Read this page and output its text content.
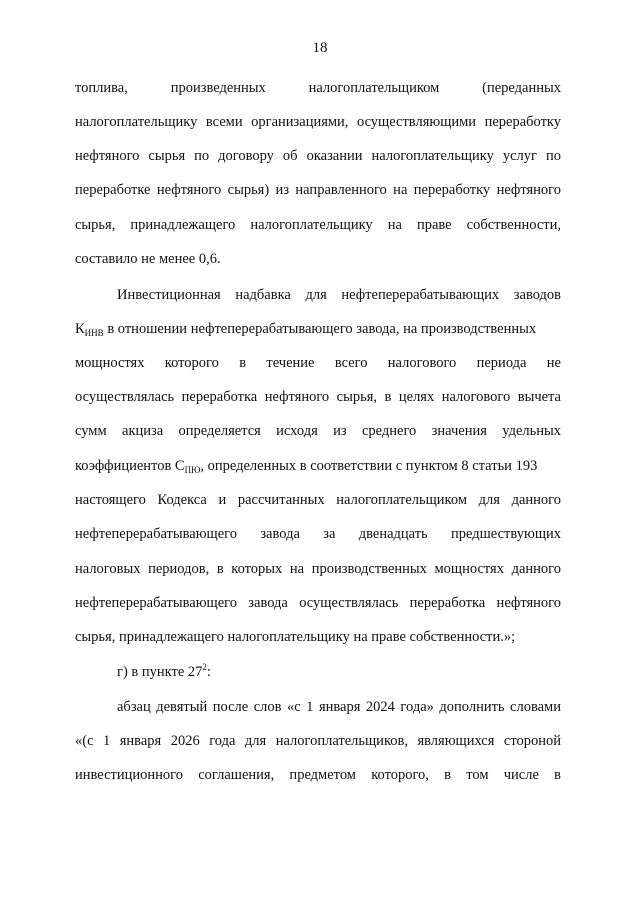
18
топлива, произведенных налогоплательщиком (переданных
налогоплательщику всеми организациями, осуществляющими переработку
нефтяного сырья по договору об оказании налогоплательщику услуг по
переработке нефтяного сырья) из направленного на переработку нефтяного
сырья, принадлежащего налогоплательщику на праве собственности,
составило не менее 0,6.
Инвестиционная надбавка для нефтеперерабатывающих заводов
$К_{ИНВ}$ в отношении нефтеперерабатывающего завода, на производственных
мощностях которого в течение всего налогового периода не
осуществлялась переработка нефтяного сырья, в целях налогового вычета
сумм акциза определяется исходя из среднего значения удельных
коэффициентов $С_{ПЮ}$, определенных в соответствии с пунктом 8 статьи 193
настоящего Кодекса и рассчитанных налогоплательщиком для данного
нефтеперерабатывающего завода за двенадцать предшествующих
налоговых периодов, в которых на производственных мощностях данного
нефтеперерабатывающего завода осуществлялась переработка нефтяного
сырья, принадлежащего налогоплательщику на праве собственности.»;
г) в пункте $27^2$:
абзац девятый после слов «с 1 января 2024 года» дополнить словами
«(с 1 января 2026 года для налогоплательщиков, являющихся стороной
инвестиционного соглашения, предметом которого, в том числе в
